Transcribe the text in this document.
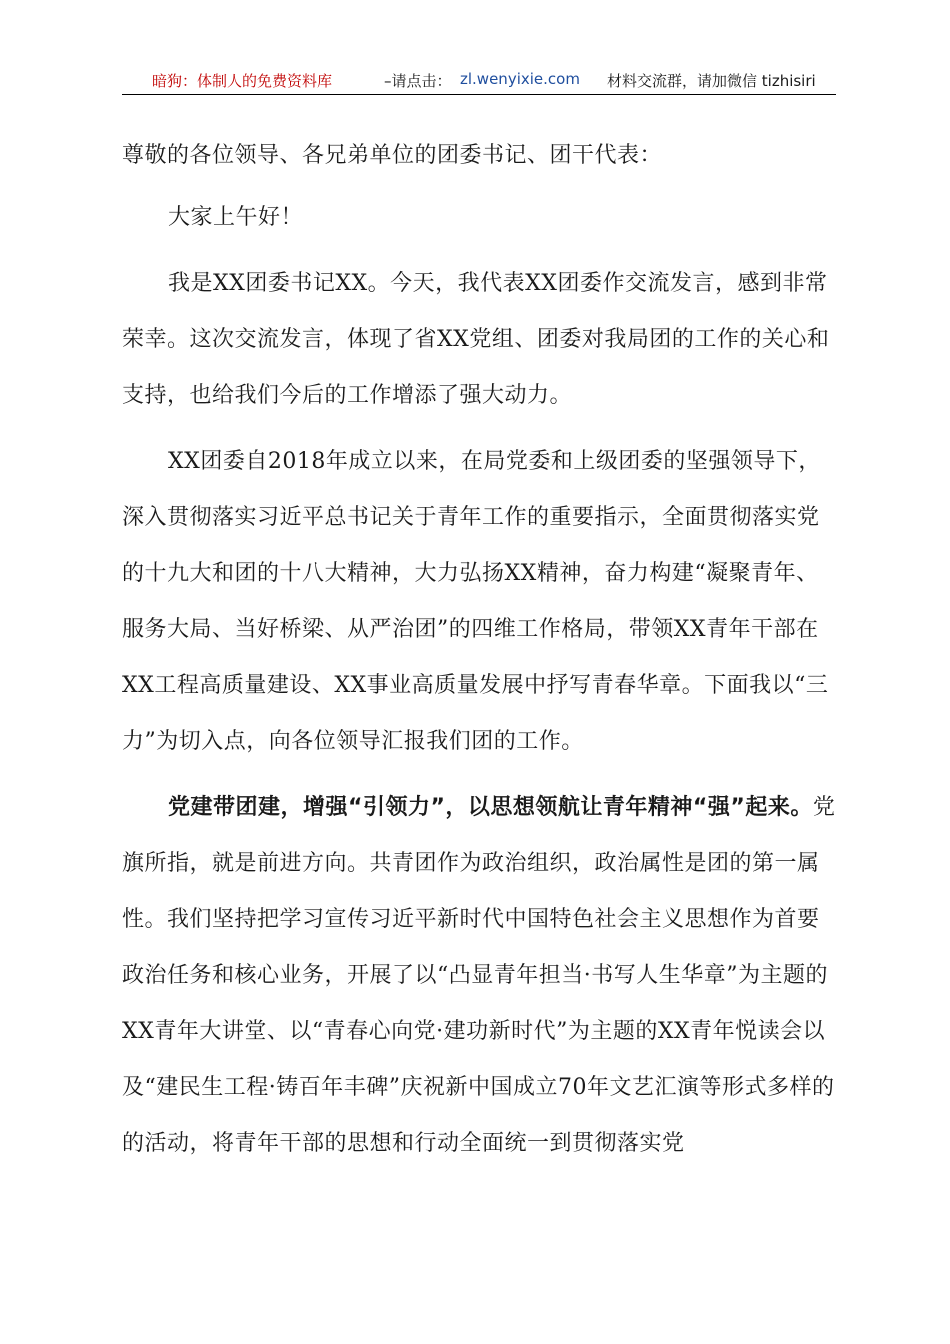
暗狗：体制人的免费资料库	–请点击： zl.wenyixie.com 材料交流群，请加微信 tizhisiri

尊敬的各位领导、各兄弟单位的团委书记、团干代表：

大家上午好！

我是XX团委书记XX。今天，我代表XX团委作交流发言，感到非常荣幸。这次交流发言，体现了省XX党组、团委对我局团的工作的关心和支持，也给我们今后的工作增添了强大动力。

XX团委自2018年成立以来，在局党委和上级团委的坚强领导下，深入贯彻落实习近平总书记关于青年工作的重要指示，全面贯彻落实党的十九大和团的十八大精神，大力弘扬XX精神，奋力构建“凝聚青年、服务大局、当好桥梁、从严治团”的四维工作格局，带领XX青年干部在XX工程高质量建设、XX事业高质量发展中抒写青春华章。下面我以“三力”为切入点，向各位领导汇报我们团的工作。

党建带团建，增强“引领力”，以思想领航让青年精神“强”起来。党旗所指，就是前进方向。共青团作为政治组织，政治属性是团的第一属性。我们坚持把学习宣传习近平新时代中国特色社会主义思想作为首要政治任务和核心业务，开展了以“凸显青年担当·书写人生华章”为主题的XX青年大讲堂、以“青春心向党·建功新时代”为主题的XX青年悦读会以及“建民生工程·铸百年丰碑”庆祝新中国成立70年文艺汇演等形式多样的的活动，将青年干部的思想和行动全面统一到贯彻落实党
